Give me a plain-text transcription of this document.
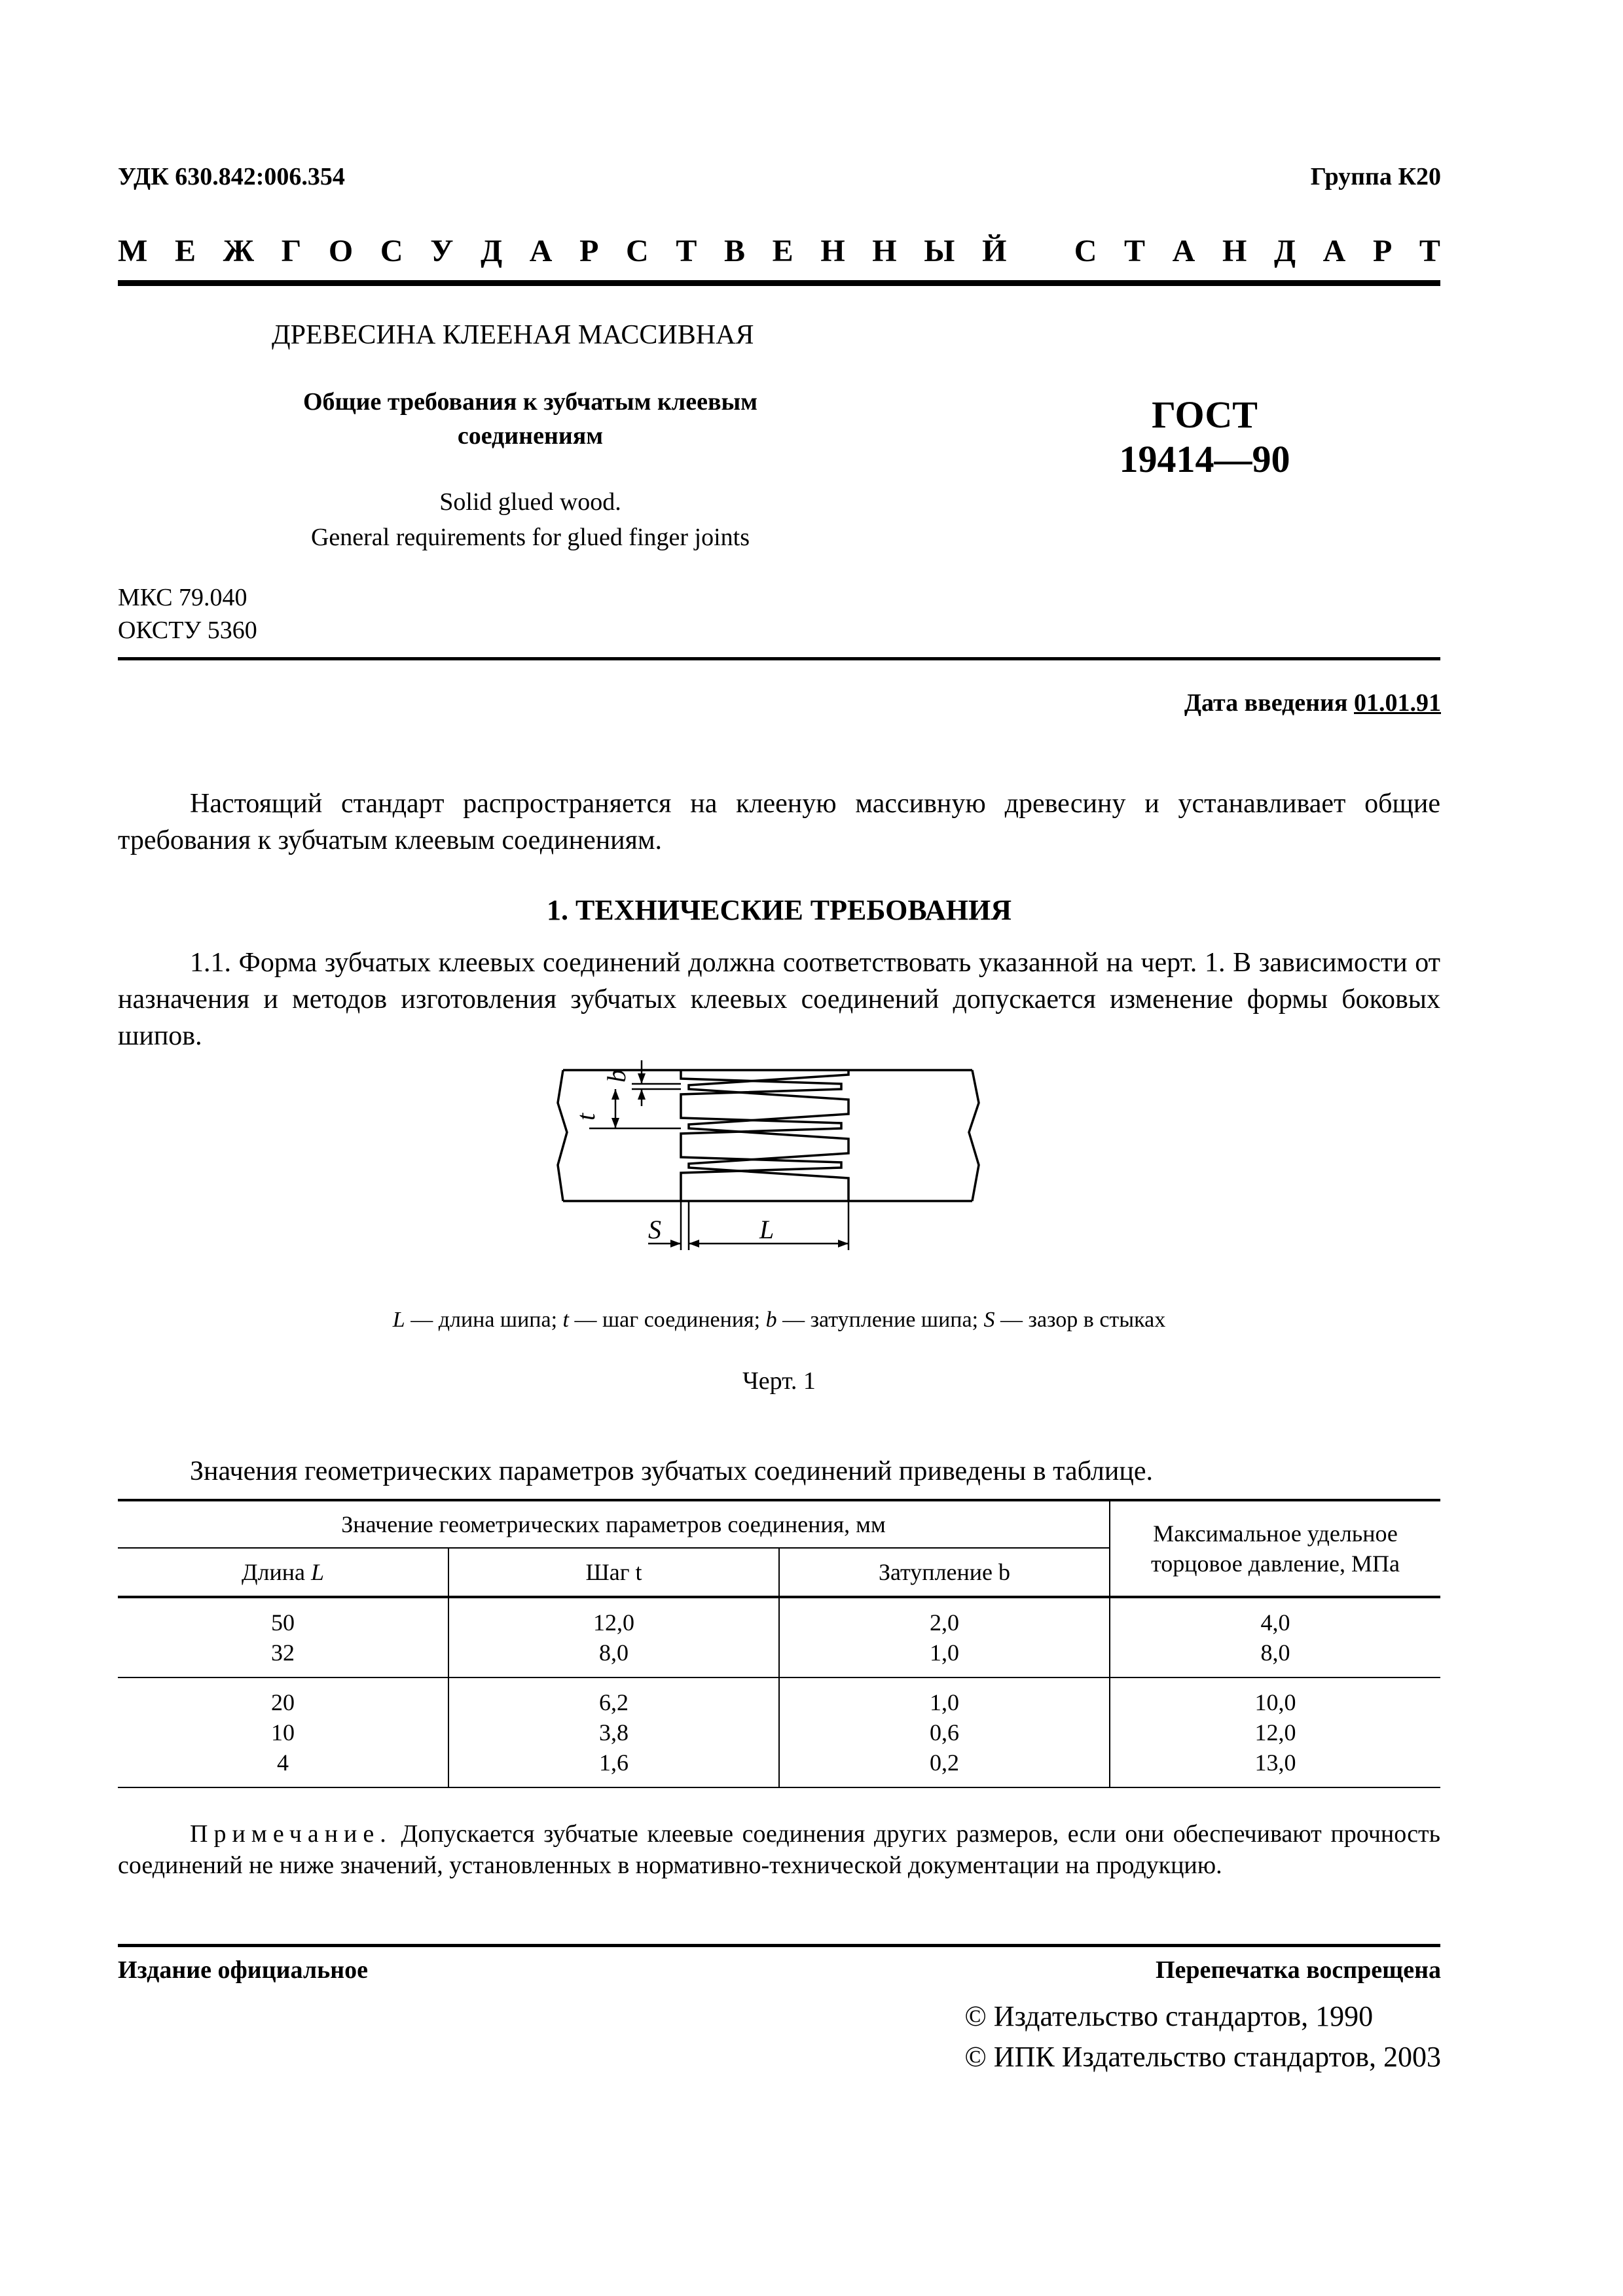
УДК 630.842:006.354	Группа К20
М Е Ж Г О С У Д А Р С Т В Е Н Н Ы Й С Т А Н Д А Р Т
ДРЕВЕСИНА КЛЕЕНАЯ МАССИВНАЯ
Общие требования к зубчатым клеевым
соединениям	ГОСТ
19414—90
Solid glued wood.
General requirements for glued finger joints
МКС 79.040
ОКСТУ 5360
Дата введения 01.01.91
Настоящий стандарт распространяется на клееную массивную древесину и устанавливает общие требования к зубчатым клеевым соединениям.
1. ТЕХНИЧЕСКИЕ ТРЕБОВАНИЯ
1.1. Форма зубчатых клеевых соединений должна соответствовать указанной на черт. 1. В зависимости от назначения и методов изготовления зубчатых клеевых соединений допускается изменение формы боковых шипов.
b
t
S	L
L — длина шипа; t — шаг соединения; b — затупление шипа; S — зазор в стыках
Черт. 1
Значения геометрических параметров зубчатых соединений приведены в таблице.
Значение геометрических параметров соединения, мм			Максимальное удельное
торцовое давление, МПа

Длина L	Шаг t	Затупление b	
50	12,0	2,0	4,0
32	8,0	1,0	8,0
20	6,2	1,0	10,0
10	3,8	0,6	12,0
4	1,6	0,2	13,0
Примечание. Допускается зубчатые клеевые соединения других размеров, если они обеспечивают прочность соединений не ниже значений, установленных в нормативно-технической документации на продукцию.
Издание официальное	Перепечатка воспрещена
© Издательство стандартов, 1990
© ИПК Издательство стандартов, 2003
